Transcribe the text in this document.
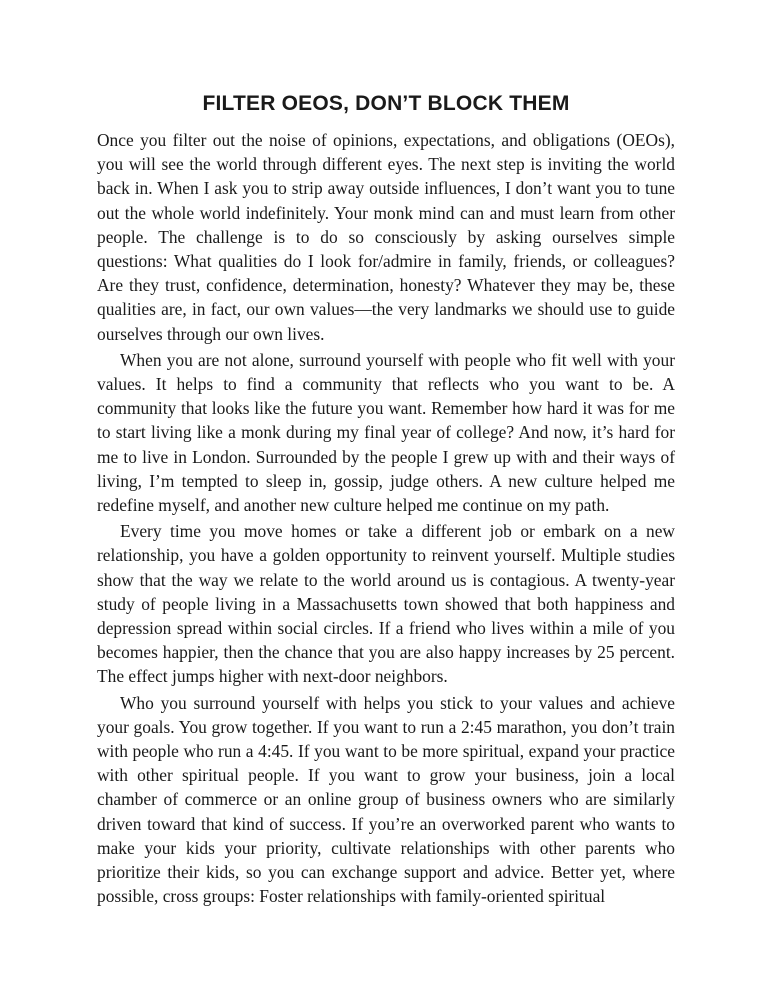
FILTER OEOS, DON’T BLOCK THEM

Once you filter out the noise of opinions, expectations, and obligations (OEOs), you will see the world through different eyes. The next step is inviting the world back in. When I ask you to strip away outside influences, I don’t want you to tune out the whole world indefinitely. Your monk mind can and must learn from other people. The challenge is to do so consciously by asking ourselves simple questions: What qualities do I look for/admire in family, friends, or colleagues? Are they trust, confidence, determination, honesty? Whatever they may be, these qualities are, in fact, our own values—the very landmarks we should use to guide ourselves through our own lives.

When you are not alone, surround yourself with people who fit well with your values. It helps to find a community that reflects who you want to be. A community that looks like the future you want. Remember how hard it was for me to start living like a monk during my final year of college? And now, it’s hard for me to live in London. Surrounded by the people I grew up with and their ways of living, I’m tempted to sleep in, gossip, judge others. A new culture helped me redefine myself, and another new culture helped me continue on my path.

Every time you move homes or take a different job or embark on a new relationship, you have a golden opportunity to reinvent yourself. Multiple studies show that the way we relate to the world around us is contagious. A twenty-year study of people living in a Massachusetts town showed that both happiness and depression spread within social circles. If a friend who lives within a mile of you becomes happier, then the chance that you are also happy increases by 25 percent. The effect jumps higher with next-door neighbors.

Who you surround yourself with helps you stick to your values and achieve your goals. You grow together. If you want to run a 2:45 marathon, you don’t train with people who run a 4:45. If you want to be more spiritual, expand your practice with other spiritual people. If you want to grow your business, join a local chamber of commerce or an online group of business owners who are similarly driven toward that kind of success. If you’re an overworked parent who wants to make your kids your priority, cultivate relationships with other parents who prioritize their kids, so you can exchange support and advice. Better yet, where possible, cross groups: Foster relationships with family-oriented spiritual
